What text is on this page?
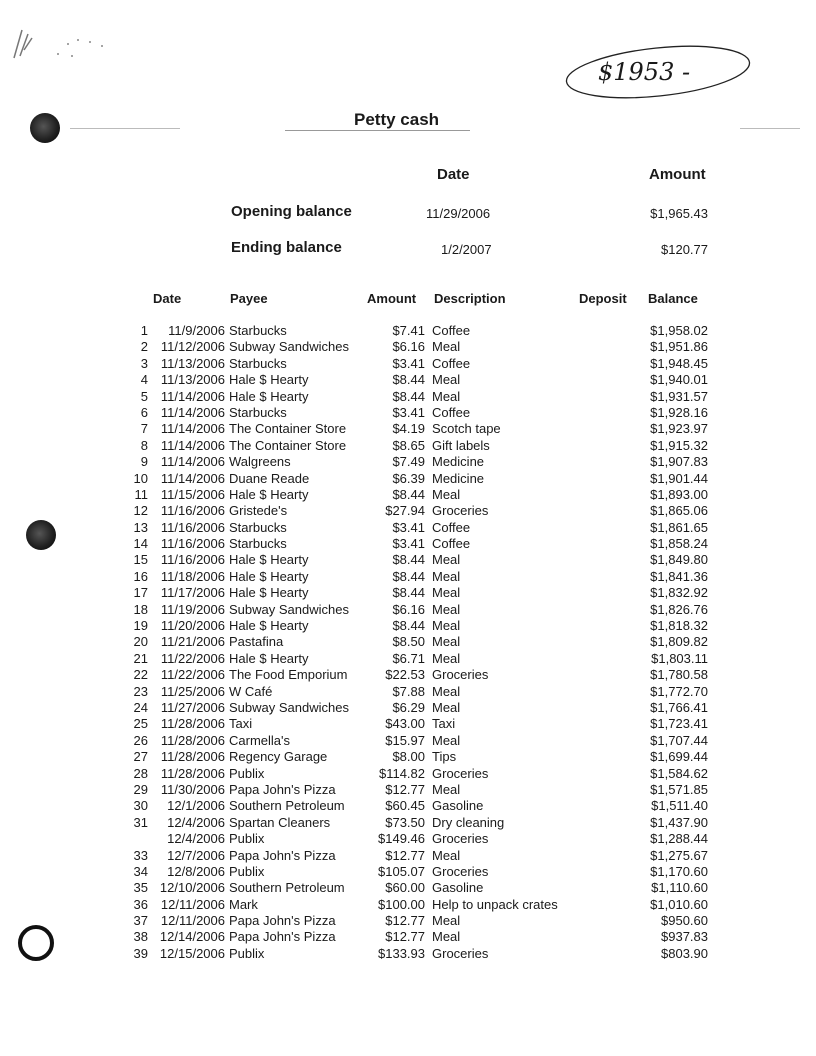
$1953 -
Petty cash
Date	Amount
Opening balance	11/29/2006	$1,965.43
Ending balance	1/2/2007	$120.77
Date	Payee	Amount Description	Deposit Balance
1	11/9/2006 Starbucks	$7.41 Coffee	$1,958.02
2 11/12/2006 Subway Sandwiches	$6.16 Meal	$1,951.86
3 11/13/2006 Starbucks	$3.41 Coffee	$1,948.45
4 11/13/2006 Hale $ Hearty	$8.44 Meal	$1,940.01
5 11/14/2006 Hale $ Hearty	$8.44 Meal	$1,931.57
6 11/14/2006 Starbucks	$3.41 Coffee	$1,928.16
7 11/14/2006 The Container Store	$4.19 Scotch tape	$1,923.97
8 11/14/2006 The Container Store	$8.65 Gift labels	$1,915.32
9 11/14/2006 Walgreens	$7.49 Medicine	$1,907.83
10 11/14/2006 Duane Reade	$6.39 Medicine	$1,901.44
11 11/15/2006 Hale $ Hearty	$8.44 Meal	$1,893.00
12 11/16/2006 Gristede's	$27.94 Groceries	$1,865.06
13 11/16/2006 Starbucks	$3.41 Coffee	$1,861.65
14 11/16/2006 Starbucks	$3.41 Coffee	$1,858.24
15 11/16/2006 Hale $ Hearty	$8.44 Meal	$1,849.80
16 11/18/2006 Hale $ Hearty	$8.44 Meal	$1,841.36
17 11/17/2006 Hale $ Hearty	$8.44 Meal	$1,832.92
18 11/19/2006 Subway Sandwiches	$6.16 Meal	$1,826.76
19 11/20/2006 Hale $ Hearty	$8.44 Meal	$1,818.32
20 11/21/2006 Pastafina	$8.50 Meal	$1,809.82
21 11/22/2006 Hale $ Hearty	$6.71 Meal	$1,803.11
22 11/22/2006 The Food Emporium	$22.53 Groceries	$1,780.58
23 11/25/2006 W Café	$7.88 Meal	$1,772.70
24 11/27/2006 Subway Sandwiches	$6.29 Meal	$1,766.41
25 11/28/2006 Taxi	$43.00 Taxi	$1,723.41
26 11/28/2006 Carmella's	$15.97 Meal	$1,707.44
27 11/28/2006 Regency Garage	$8.00 Tips	$1,699.44
28 11/28/2006 Publix	$114.82 Groceries	$1,584.62
29 11/30/2006 Papa John's Pizza	$12.77 Meal	$1,571.85
30	12/1/2006 Southern Petroleum	$60.45 Gasoline	$1,511.40
31	12/4/2006 Spartan Cleaners	$73.50 Dry cleaning	$1,437.90
12/4/2006 Publix	$149.46 Groceries	$1,288.44
33	12/7/2006 Papa John's Pizza	$12.77 Meal	$1,275.67
34	12/8/2006 Publix	$105.07 Groceries	$1,170.60
35 12/10/2006 Southern Petroleum	$60.00 Gasoline	$1,110.60
36 12/11/2006 Mark	$100.00 Help to unpack crates	$1,010.60
37 12/11/2006 Papa John's Pizza	$12.77 Meal	$950.60
38 12/14/2006 Papa John's Pizza	$12.77 Meal	$937.83
39 12/15/2006 Publix	$133.93 Groceries	$803.90
